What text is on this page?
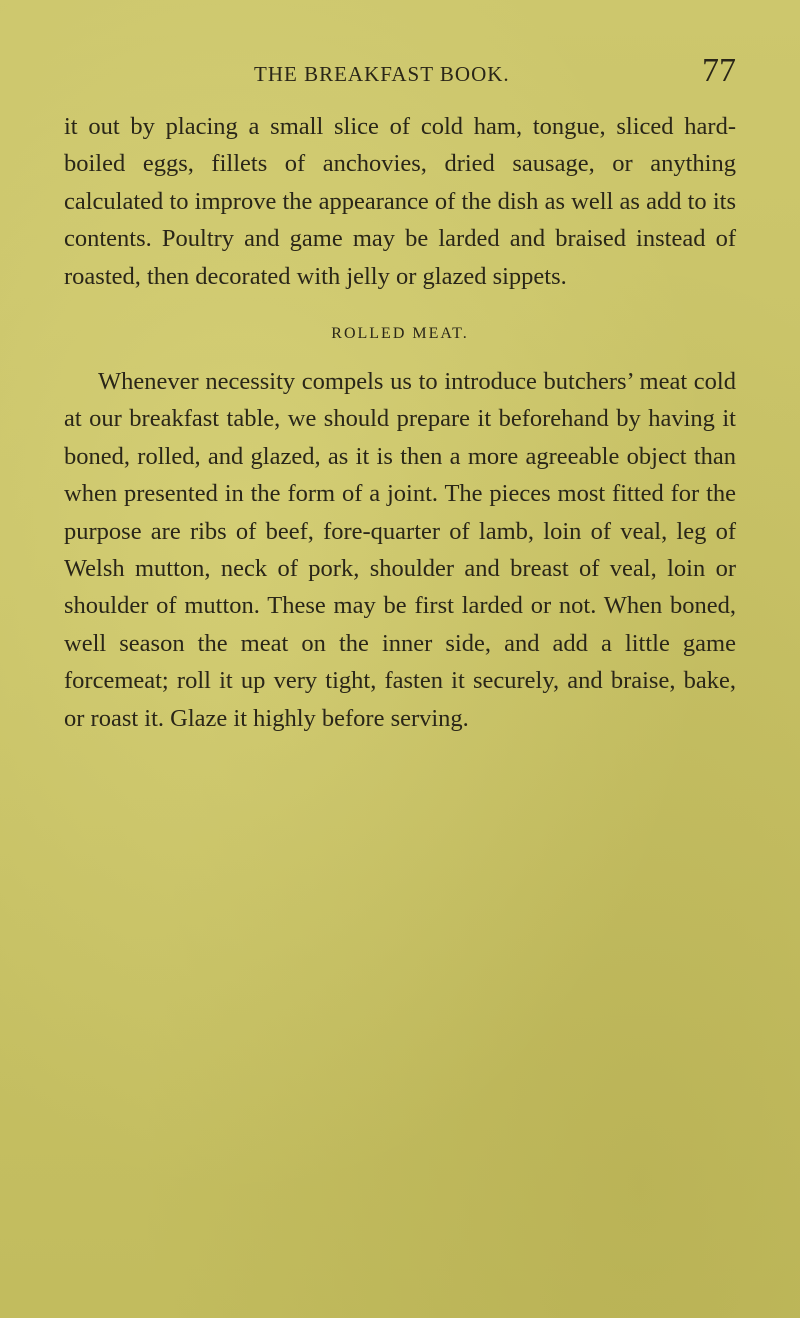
THE BREAKFAST BOOK.	77

it out by placing a small slice of cold ham, tongue, sliced hard-boiled eggs, fillets of anchovies, dried sausage, or anything calculated to improve the appearance of the dish as well as add to its contents. Poultry and game may be larded and braised instead of roasted, then decorated with jelly or glazed sippets.

ROLLED MEAT.

Whenever necessity compels us to introduce butchers’ meat cold at our breakfast table, we should prepare it beforehand by having it boned, rolled, and glazed, as it is then a more agreeable object than when presented in the form of a joint. The pieces most fitted for the purpose are ribs of beef, fore-quarter of lamb, loin of veal, leg of Welsh mutton, neck of pork, shoulder and breast of veal, loin or shoulder of mutton. These may be first larded or not. When boned, well season the meat on the inner side, and add a little game forcemeat; roll it up very tight, fasten it securely, and braise, bake, or roast it. Glaze it highly before serving.
